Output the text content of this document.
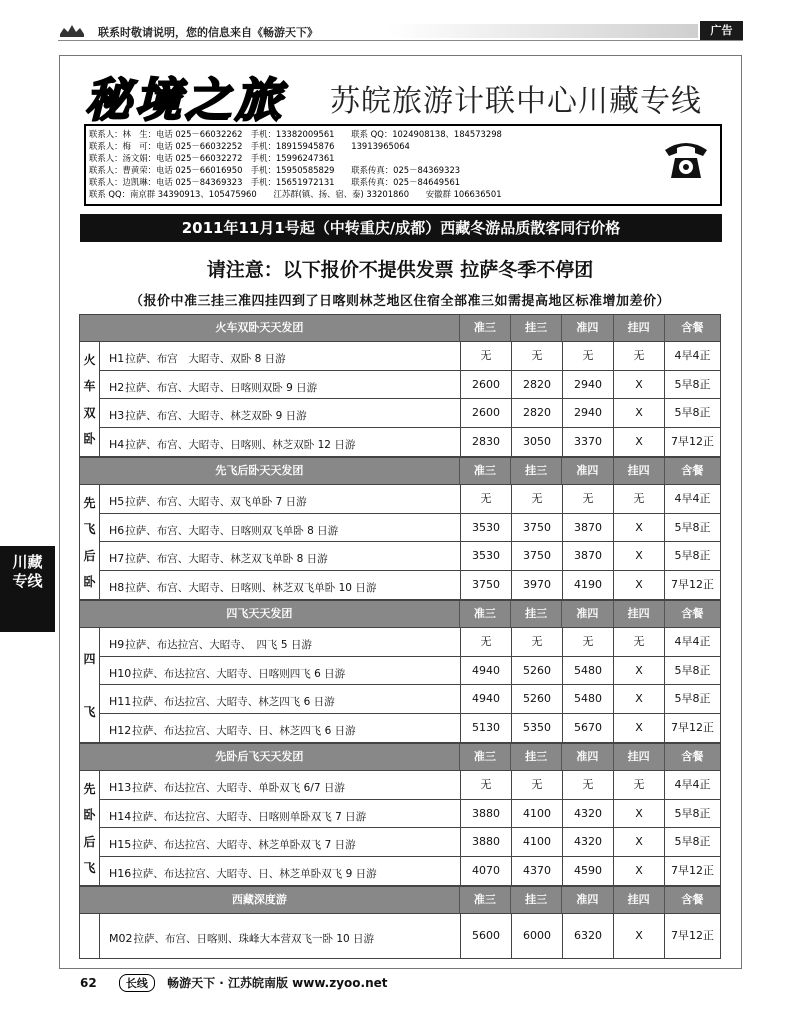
联系时敬请说明，您的信息来自《畅游天下》	广告
秘境之旅 苏皖旅游计联中心川藏专线
联系人：林　生：电话 025－66032262　手机：13382009561　　联系 QQ：1024908138、184573298
联系人：梅　可：电话 025－66032252　手机：18915945876　　13913965064
联系人：汤文娟：电话 025－66032272　手机：15996247361
联系人：曹黄荣：电话 025－66016950　手机：15950585829　　联系传真：025－84369323
联系人：边凯琳：电话 025－84369323　手机：15651972131　　联系传真：025－84649561
联系 QQ：南京群 34390913、105475960　　江苏群(镇、扬、宿、泰) 33201860　　安徽群 106636501
2011年11月1号起（中转重庆/成都）西藏冬游品质散客同行价格
请注意：以下报价不提供发票 拉萨冬季不停团
（报价中准三挂三准四挂四到了日喀则林芝地区住宿全部准三如需提高地区标准增加差价）
川藏
专线
火车双卧天天发团	准三	挂三	准四	挂四	含餐
火
车
双
卧
H1拉萨、布宫　大昭寺、双卧 8 日游	无	无	无	无	4早4正
H2拉萨、布宫、大昭寺、日喀则双卧 9 日游	2600	2820	2940	X	5早8正
H3拉萨、布宫、大昭寺、林芝双卧 9 日游	2600	2820	2940	X	5早8正
H4拉萨、布宫、大昭寺、日喀则、林芝双卧 12 日游	2830	3050	3370	X	7早12正
先飞后卧天天发团	准三	挂三	准四	挂四	含餐
先
飞
后
卧
H5拉萨、布宫、大昭寺、双飞单卧 7 日游	无	无	无	无	4早4正
H6拉萨、布宫、大昭寺、日喀则双飞单卧 8 日游	3530	3750	3870	X	5早8正
H7拉萨、布宫、大昭寺、林芝双飞单卧 8 日游	3530	3750	3870	X	5早8正
H8拉萨、布宫、大昭寺、日喀则、林芝双飞单卧 10 日游	3750	3970	4190	X	7早12正
四飞天天发团	准三	挂三	准四	挂四	含餐
四
飞
H9拉萨、布达拉宫、大昭寺、　四飞 5 日游	无	无	无	无	4早4正
H10拉萨、布达拉宫、大昭寺、日喀则四飞 6 日游	4940	5260	5480	X	5早8正
H11拉萨、布达拉宫、大昭寺、林芝四飞 6 日游	4940	5260	5480	X	5早8正
H12拉萨、布达拉宫、大昭寺、日、林芝四飞 6 日游	5130	5350	5670	X	7早12正
先卧后飞天天发团	准三	挂三	准四	挂四	含餐
先
卧
后
飞
H13拉萨、布达拉宫、大昭寺、单卧双飞 6/7 日游	无	无	无	无	4早4正
H14拉萨、布达拉宫、大昭寺、日喀则单卧双飞 7 日游	3880	4100	4320	X	5早8正
H15拉萨、布达拉宫、大昭寺、林芝单卧双飞 7 日游	3880	4100	4320	X	5早8正
H16拉萨、布达拉宫、大昭寺、日、林芝单卧双飞 9 日游	4070	4370	4590	X	7早12正
西藏深度游	准三	挂三	准四	挂四	含餐
M02拉萨、布宫、日喀则、珠峰大本营双飞一卧 10 日游	5600	6000	6320	X	7早12正
62	长线 畅游天下 · 江苏皖南版 www.zyoo.net
